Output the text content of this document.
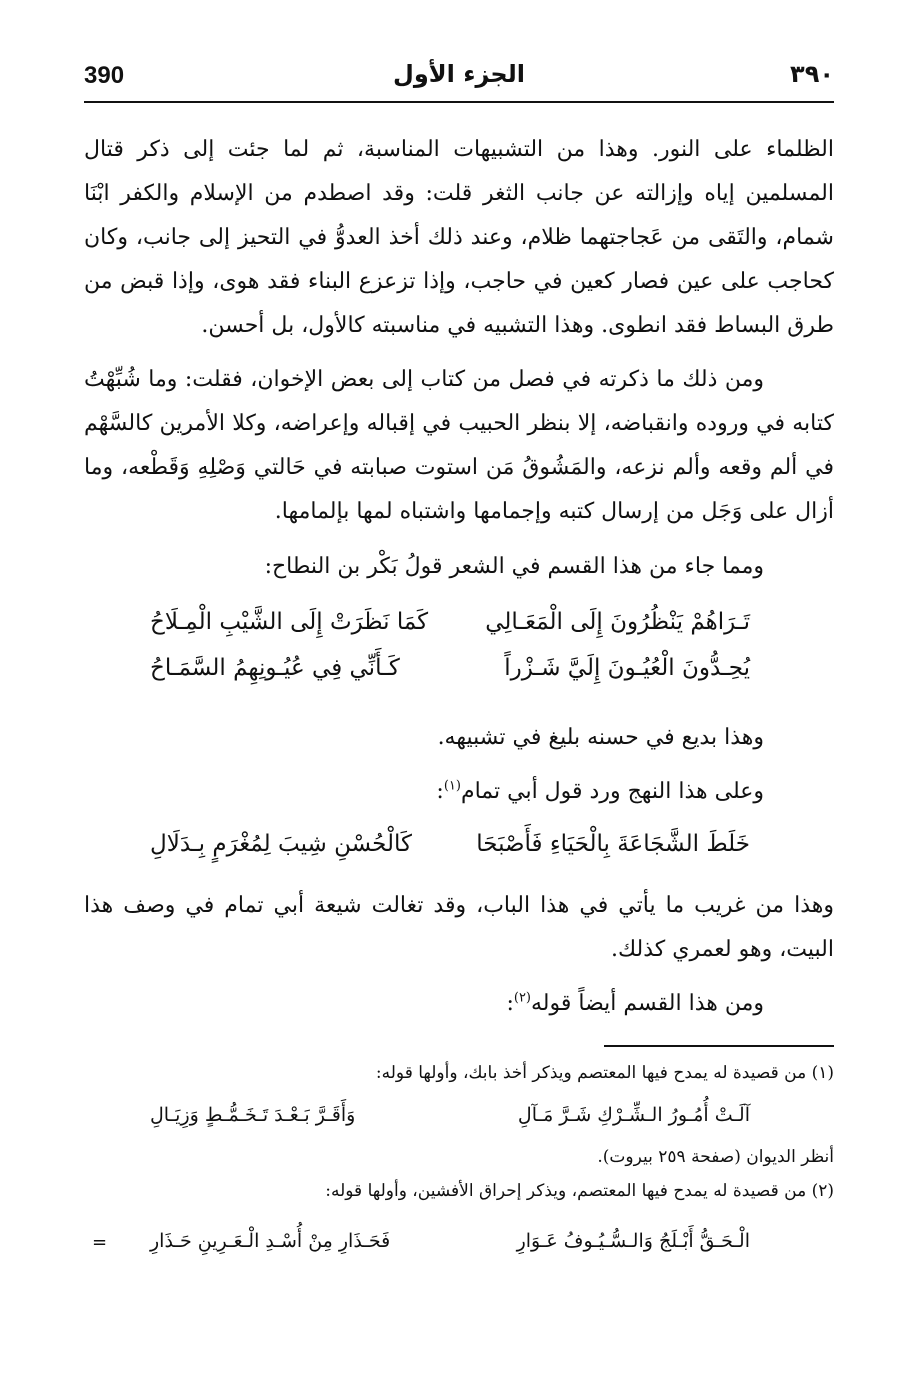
390	الجزء الأول	٣٩٠

الظلماء على النور. وهذا من التشبيهات المناسبة، ثم لما جئت إلى ذكر قتال المسلمين إياه وإزالته عن جانب الثغر قلت: وقد اصطدم من الإسلام والكفر ابْنَا شمام، والتَقى من عَجاجتهما ظلام، وعند ذلك أخذ العدوُّ في التحيز إلى جانب، وكان كحاجب على عين فصار كعين في حاجب، وإذا تزعزع البناء فقد هوى، وإذا قبض من طرق البساط فقد انطوى. وهذا التشبيه في مناسبته كالأول، بل أحسن.

ومن ذلك ما ذكرته في فصل من كتاب إلى بعض الإخوان، فقلت: وما شُبِّهْتُ كتابه في وروده وانقباضه، إلا بنظر الحبيب في إقباله وإعراضه، وكلا الأمرين كالسَّهْم في ألم وقعه وألم نزعه، والمَشُوقُ مَن استوت صبابته في حَالتي وَصْلِهِ وَقَطْعه، وما أزال على وَجَل من إرسال كتبه وإجمامها واشتباه لمها بإلمامها.

ومما جاء من هذا القسم في الشعر قولُ بَكْر بن النطاح:

تَـرَاهُمْ يَنْظُرُونَ إِلَى الْمَعَـالِي
كَمَا نَظَرَتْ إِلَى الشَّيْبِ الْمِـلَاحُ
يُحِـدُّونَ الْعُيُـونَ إِلَيَّ شَـزْراً
كَـأَنِّي فِي عُيُـونِهِمُ السَّمَـاحُ

وهذا بديع في حسنه بليغ في تشبيهه.

وعلى هذا النهج ورد قول أبي تمام$^{(١)}$:

خَلَطَ الشَّجَاعَةَ بِالْحَيَاءِ فَأَصْبَحَا
كَالْحُسْنِ شِيبَ لِمُغْرَمٍ بِـدَلَالِ

وهذا من غريب ما يأتي في هذا الباب، وقد تغالت شيعة أبي تمام في وصف هذا البيت، وهو لعمري كذلك.

ومن هذا القسم أيضاً قوله$^{(٢)}$:

(١) من قصيدة له يمدح فيها المعتصم ويذكر أخذ بابك، وأولها قوله:
آلَـتْ أُمُـورُ الـشِّـرْكِ شَـرَّ مَـآلِ
وَأَقَـرَّ بَـعْـدَ تَـخَـمُّـطٍ وَزِيَـالِ
أنظر الديوان (صفحة ٢٥٩ بيروت).
(٢) من قصيدة له يمدح فيها المعتصم، ويذكر إحراق الأفشين، وأولها قوله:
الْـحَـقُّ أَبْـلَجُ وَالـسُّـيُـوفُ عَـوَارِ
فَحَـذَارِ مِنْ أُسْـدِ الْـعَـرِينِ حَـذَارِ
=
